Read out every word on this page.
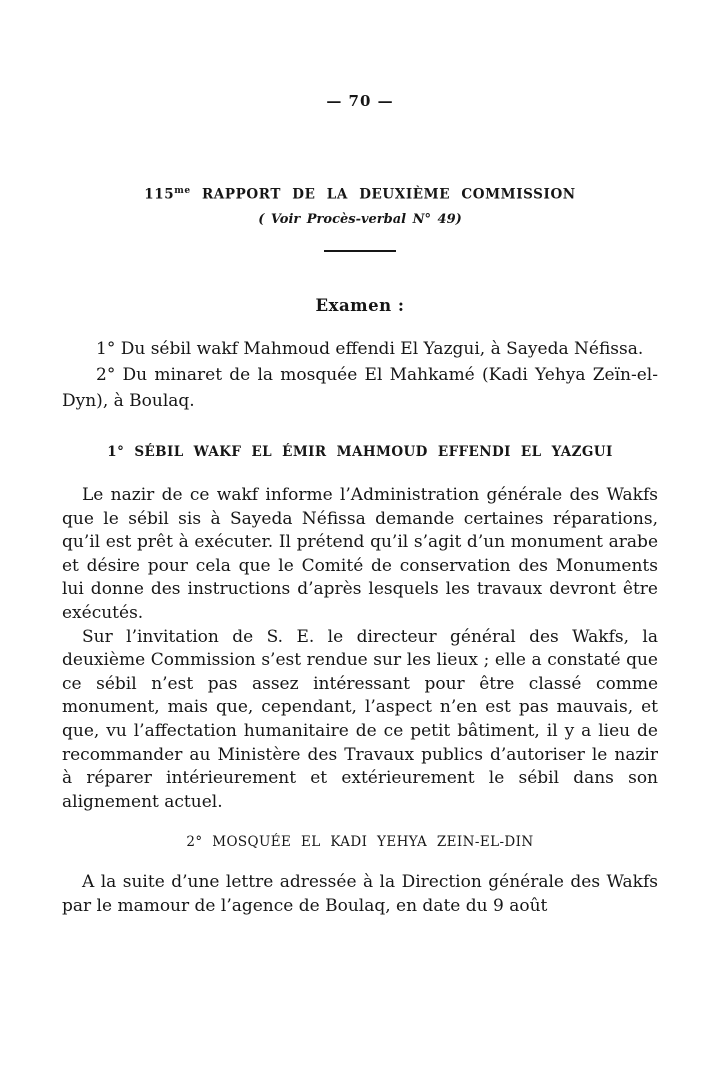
— 70 —
$115^{me}$ RAPPORT DE LA DEUXIÈME COMMISSION
( Voir Procès-verbal N° 49)
Examen :

1° Du sébil wakf Mahmoud effendi El Yazgui, à Sayeda Néfissa.

2° Du minaret de la mosquée El Mahkamé (Kadi Yehya Zeïn-el-Dyn), à Boulaq.

1° SÉBIL WAKF EL ÉMIR MAHMOUD EFFENDI EL YAZGUI

Le nazir de ce wakf informe l’Administration générale des Wakfs que le sébil sis à Sayeda Néfissa demande certaines réparations, qu’il est prêt à exécuter. Il prétend qu’il s’agit d’un monument arabe et désire pour cela que le Comité de conservation des Monuments lui donne des instructions d’après lesquels les travaux devront être exécutés.

Sur l’invitation de S. E. le directeur général des Wakfs, la deuxième Commission s’est rendue sur les lieux ; elle a constaté que ce sébil n’est pas assez intéressant pour être classé comme monument, mais que, cependant, l’aspect n’en est pas mauvais, et que, vu l’affectation humanitaire de ce petit bâtiment, il y a lieu de recommander au Ministère des Travaux publics d’autoriser le nazir à réparer intérieurement et extérieurement le sébil dans son alignement actuel.

2° MOSQUÉE EL KADI YEHYA ZEIN-EL-DIN

A la suite d’une lettre adressée à la Direction générale des Wakfs par le mamour de l’agence de Boulaq, en date du 9 août
